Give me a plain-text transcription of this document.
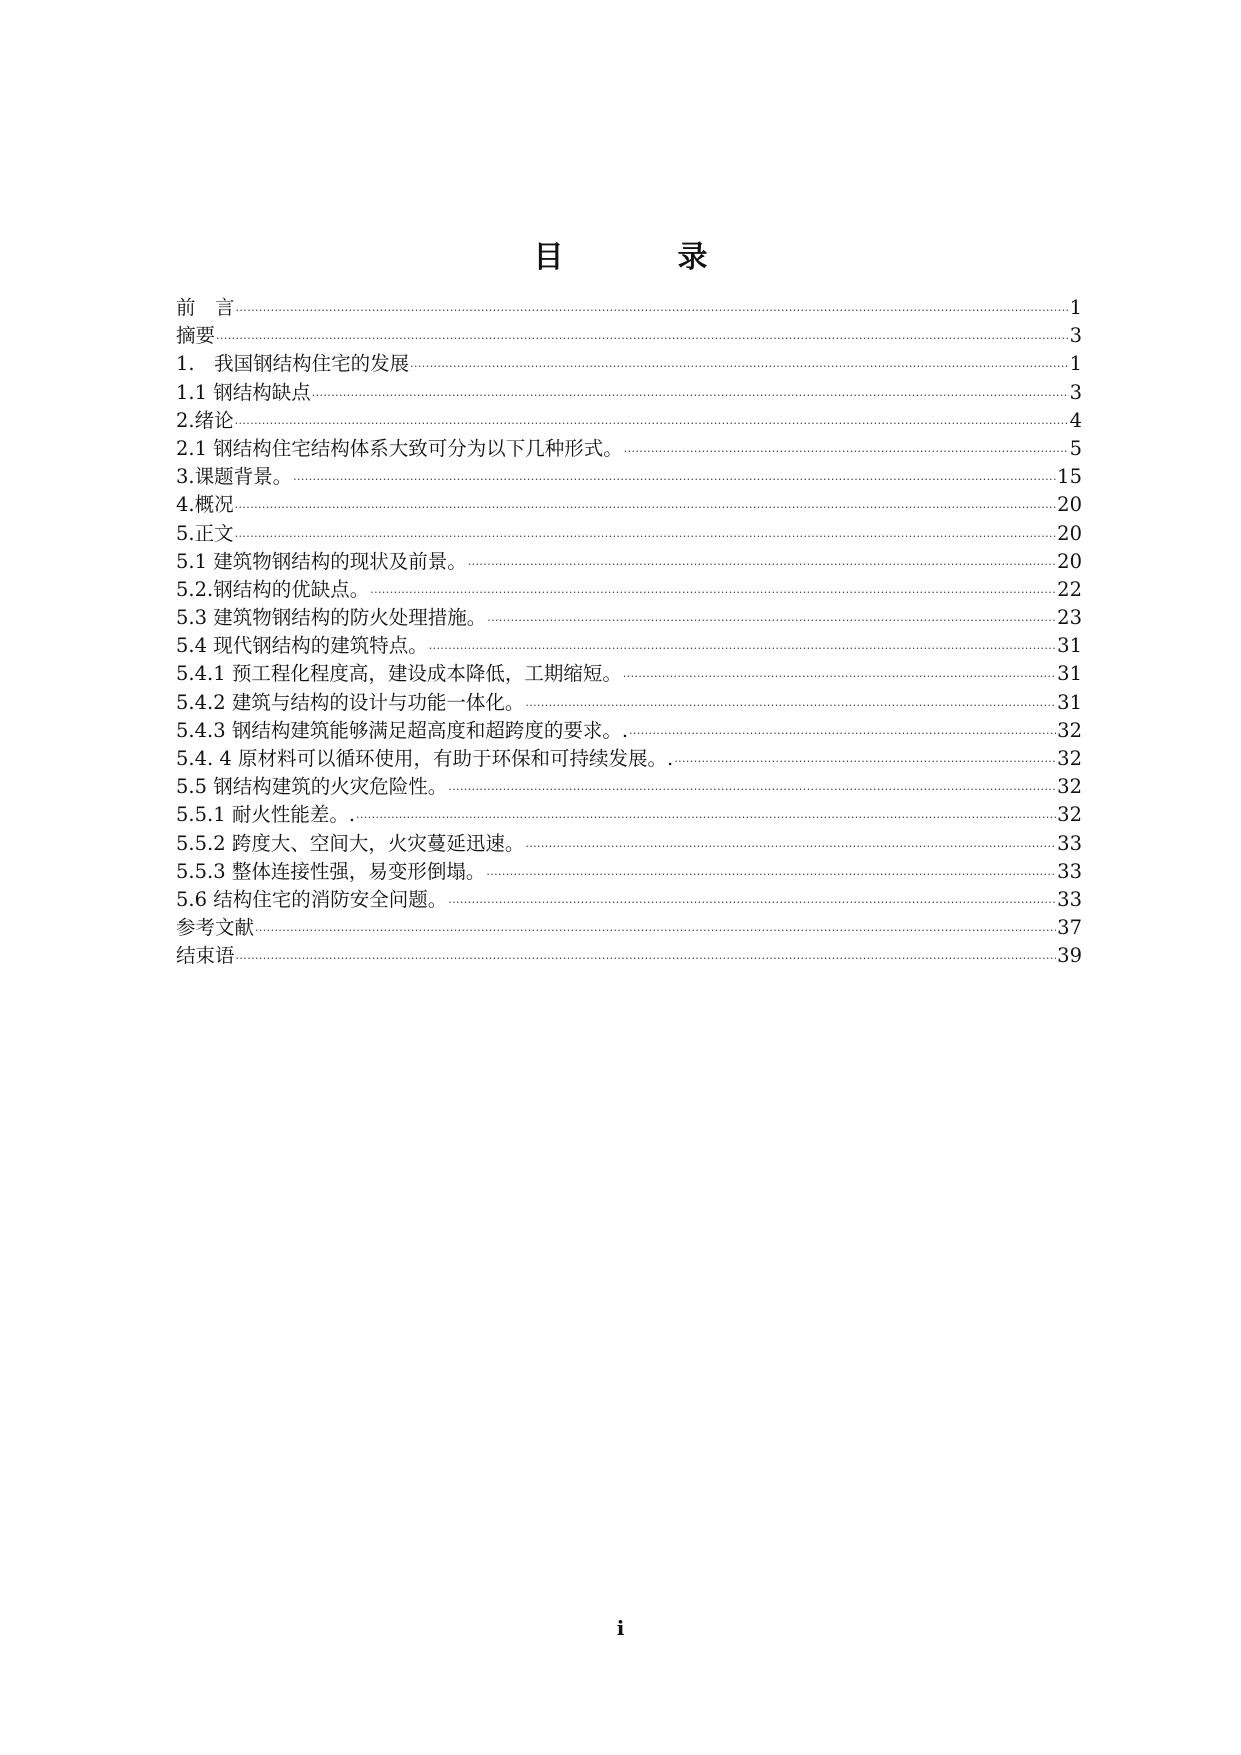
目　录
前　言 ·····	1
摘要 ·····	3
1.　我国钢结构住宅的发展 ·····	1
1.1 钢结构缺点 ·····	3
2.绪论 ·····	4
2.1 钢结构住宅结构体系大致可分为以下几种形式。 ·····	5
3.课题背景。 ·····	15
4.概况 ·····	20
5.正文 ·····	20
5.1 建筑物钢结构的现状及前景。 ·····	20
5.2.钢结构的优缺点。 ·····	22
5.3 建筑物钢结构的防火处理措施。 ·····	23
5.4 现代钢结构的建筑特点。 ·····	31
5.4.1 预工程化程度高，建设成本降低，工期缩短。 ·····	31
5.4.2 建筑与结构的设计与功能一体化。 ·····	31
5.4.3 钢结构建筑能够满足超高度和超跨度的要求。. ·····	32
5.4. 4 原材料可以循环使用，有助于环保和可持续发展。. ·····	32
5.5 钢结构建筑的火灾危险性。 ·····	32
5.5.1 耐火性能差。. ·····	32
5.5.2 跨度大、空间大，火灾蔓延迅速。 ·····	33
5.5.3 整体连接性强，易变形倒塌。 ·····	33
5.6 结构住宅的消防安全问题。 ·····	33
参考文献 ·····	37
结束语 ·····	39
i
